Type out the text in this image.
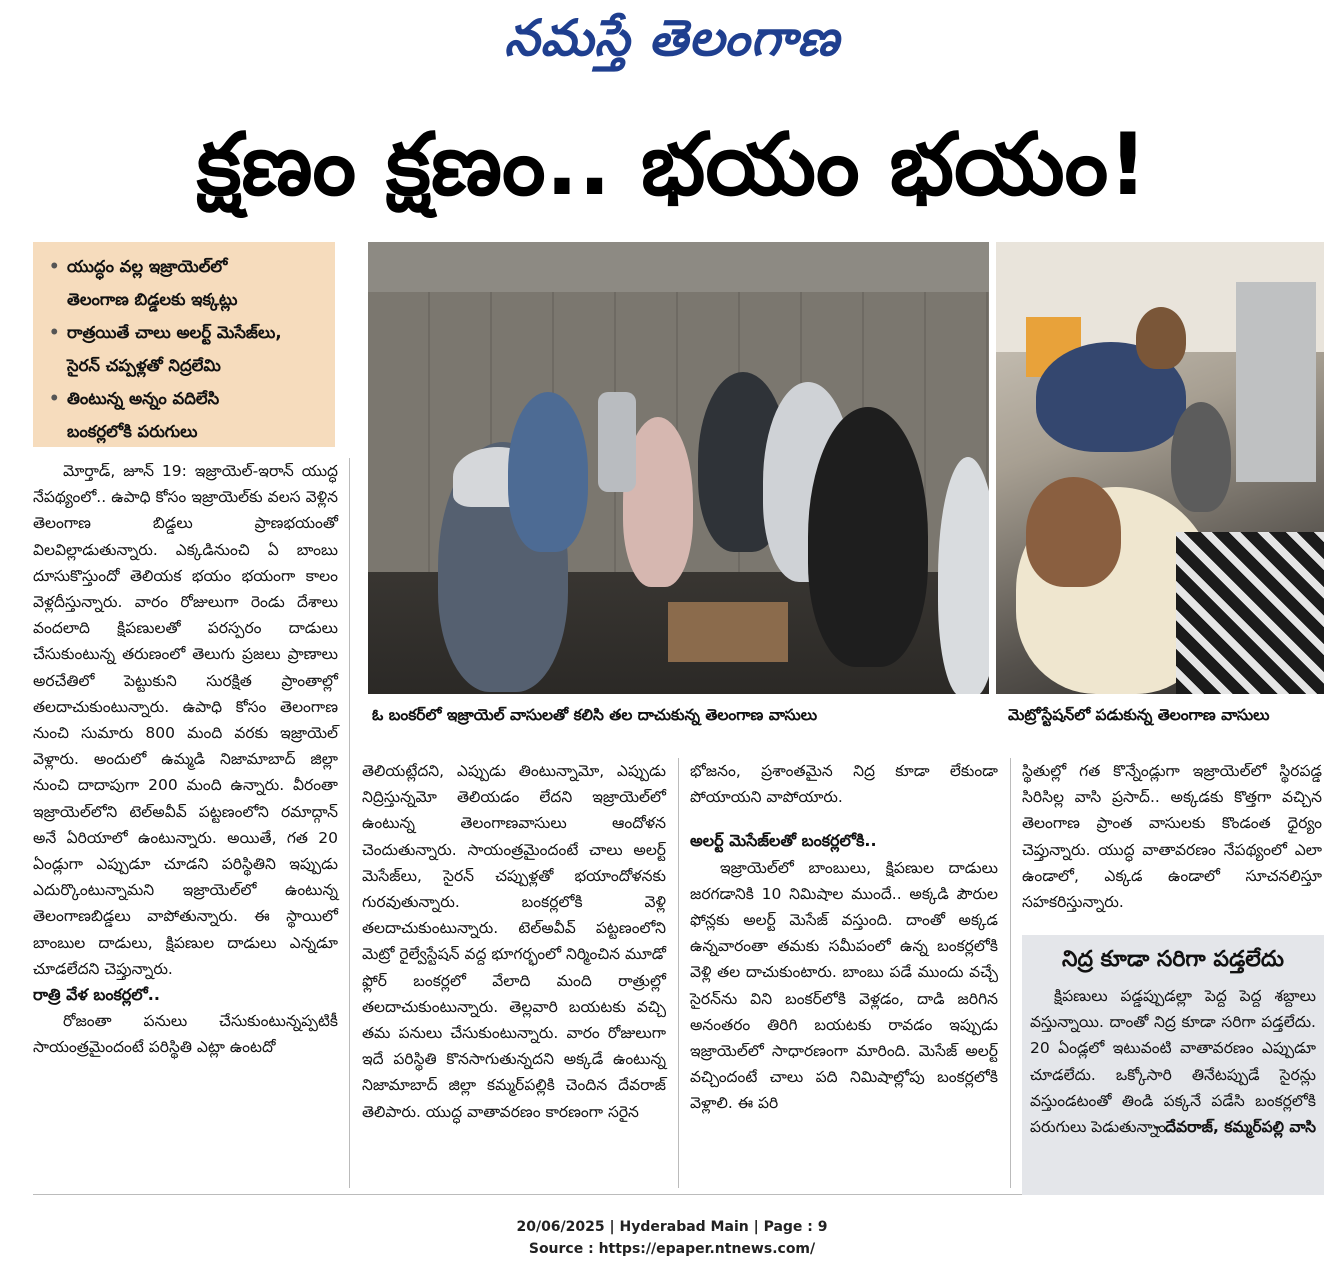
నమస్తే తెలంగాణ
క్షణం క్షణం.. భయం భయం!
• యుద్ధం వల్ల ఇజ్రాయెల్‌లో
తెలంగాణ బిడ్డలకు ఇక్కట్లు
• రాత్రయితే చాలు అలర్ట్‌ మెసేజ్‌లు,
సైరన్‌ చప్పళ్లతో నిద్రలేమి
• తింటున్న అన్నం వదిలేసి
బంకర్లలోకి పరుగులు
ఓ బంకర్‌లో ఇజ్రాయెల్‌ వాసులతో కలిసి తల దాచుకున్న తెలంగాణ వాసులు	మెట్రోస్టేషన్‌లో పడుకున్న తెలంగాణ వాసులు

మోర్తాడ్‌, జూన్‌ 19: ఇజ్రాయెల్‌-ఇరాన్‌ యుద్ధ నేపథ్యంలో.. ఉపాధి కోసం ఇజ్రాయెల్‌కు వలస వెళ్లిన తెలంగాణ బిడ్డలు ప్రాణభయంతో విలవిల్లాడుతున్నారు. ఎక్కడినుంచి ఏ బాంబు దూసుకొస్తుందో తెలియక భయం భయంగా కాలం వెళ్లదీస్తున్నారు. వారం రోజులుగా రెండు దేశాలు వందలాది క్షిపణులతో పరస్పరం దాడులు చేసుకుంటున్న తరుణంలో తెలుగు ప్రజలు ప్రాణాలు అరచేతిలో పెట్టుకుని సురక్షిత ప్రాంతాల్లో తలదాచుకుంటున్నారు. ఉపాధి కోసం తెలంగాణ నుంచి సుమారు 800 మంది వరకు ఇజ్రాయెల్‌ వెళ్లారు. అందులో ఉమ్మడి నిజామాబాద్‌ జిల్లా నుంచి దాదాపుగా 200 మంది ఉన్నారు. వీరంతా ఇజ్రాయెల్‌లోని టెల్‌అవీవ్‌ పట్టణంలోని రమాద్గాన్‌ అనే ఏరియాలో ఉంటున్నారు. అయితే, గత 20 ఏండ్లుగా ఎప్పుడూ చూడని పరిస్థితిని ఇప్పుడు ఎదుర్కొంటున్నామని ఇజ్రాయెల్‌లో ఉంటున్న తెలంగాణబిడ్డలు వాపోతున్నారు. ఈ స్థాయిలో బాంబుల దాడులు, క్షిపణుల దాడులు ఎన్నడూ చూడలేదని చెప్తున్నారు.

రాత్రి వేళ బంకర్లలో..

రోజంతా పనులు చేసుకుంటున్నప్పటికీ సాయంత్రమైందంటే పరిస్థితి ఎట్లా ఉంటదో

తెలియట్లేదని, ఎప్పుడు తింటున్నామో, ఎప్పుడు నిద్రిస్తున్నమో తెలియడం లేదని ఇజ్రాయెల్‌లో ఉంటున్న తెలంగాణవాసులు ఆందోళన చెందుతున్నారు. సాయంత్రమైందంటే చాలు అలర్ట్‌ మెసేజ్‌లు, సైరన్‌ చప్పుళ్లతో భయాందోళనకు గురవుతున్నారు. బంకర్లలోకి వెళ్లి తలదాచుకుంటున్నారు. టెల్‌అవీవ్‌ పట్టణంలోని మెట్రో రైల్వేస్టేషన్‌ వద్ద భూగర్భంలో నిర్మించిన మూడో ఫ్లోర్‌ బంకర్లలో వేలాది మంది రాత్రుల్లో తలదాచుకుంటున్నారు. తెల్లవారి బయటకు వచ్చి తమ పనులు చేసుకుంటున్నారు. వారం రోజులుగా ఇదే పరిస్థితి కొనసాగుతున్నదని అక్కడే ఉంటున్న నిజామాబాద్‌ జిల్లా కమ్మర్‌పల్లికి చెందిన దేవరాజ్‌ తెలిపారు. యుద్ధ వాతావరణం కారణంగా సరైన

భోజనం, ప్రశాంతమైన నిద్ర కూడా లేకుండా పోయాయని వాపోయారు.

అలర్ట్‌ మెసేజ్‌లతో బంకర్లలోకి..

ఇజ్రాయెల్‌లో బాంబులు, క్షిపణుల దాడులు జరగడానికి 10 నిమిషాల ముందే.. అక్కడి పౌరుల ఫోన్లకు అలర్ట్‌ మెసేజ్‌ వస్తుంది. దాంతో అక్కడ ఉన్నవారంతా తమకు సమీపంలో ఉన్న బంకర్లలోకి వెళ్లి తల దాచుకుంటారు. బాంబు పడే ముందు వచ్చే సైరన్‌ను విని బంకర్‌లోకి వెళ్లడం, దాడి జరిగిన అనంతరం తిరిగి బయటకు రావడం ఇప్పుడు ఇజ్రాయెల్‌లో సాధారణంగా మారింది. మెసేజ్‌ అలర్ట్‌ వచ్చిందంటే చాలు పది నిమిషాల్లోపు బంకర్లలోకి వెళ్లాలి. ఈ పరి

స్థితుల్లో గత కొన్నేండ్లుగా ఇజ్రాయెల్‌లో స్థిరపడ్డ సిరిసిల్ల వాసి ప్రసాద్‌.. అక్కడకు కొత్తగా వచ్చిన తెలంగాణ ప్రాంత వాసులకు కొండంత ధైర్యం చెప్తున్నారు. యుద్ధ వాతావరణం నేపథ్యంలో ఎలా ఉండాలో, ఎక్కడ ఉండాలో సూచనలిస్తూ సహకరిస్తున్నారు.

నిద్ర కూడా సరిగా పడ్తలేదు

క్షిపణులు పడ్డప్పుడల్లా పెద్ద పెద్ద శబ్దాలు వస్తున్నాయి. దాంతో నిద్ర కూడా సరిగా పడ్తలేదు. 20 ఏండ్లలో ఇటువంటి వాతావరణం ఎప్పుడూ చూడలేదు. ఒక్కోసారి తినేటప్పుడే సైరన్లు వస్తుండటంతో తిండి పక్కనే పడేసి బంకర్లలోకి పరుగులు పెడుతున్నాం.

- దేవరాజ్‌, కమ్మర్‌పల్లి వాసి

20/06/2025 | Hyderabad Main | Page : 9
Source : https://epaper.ntnews.com/
